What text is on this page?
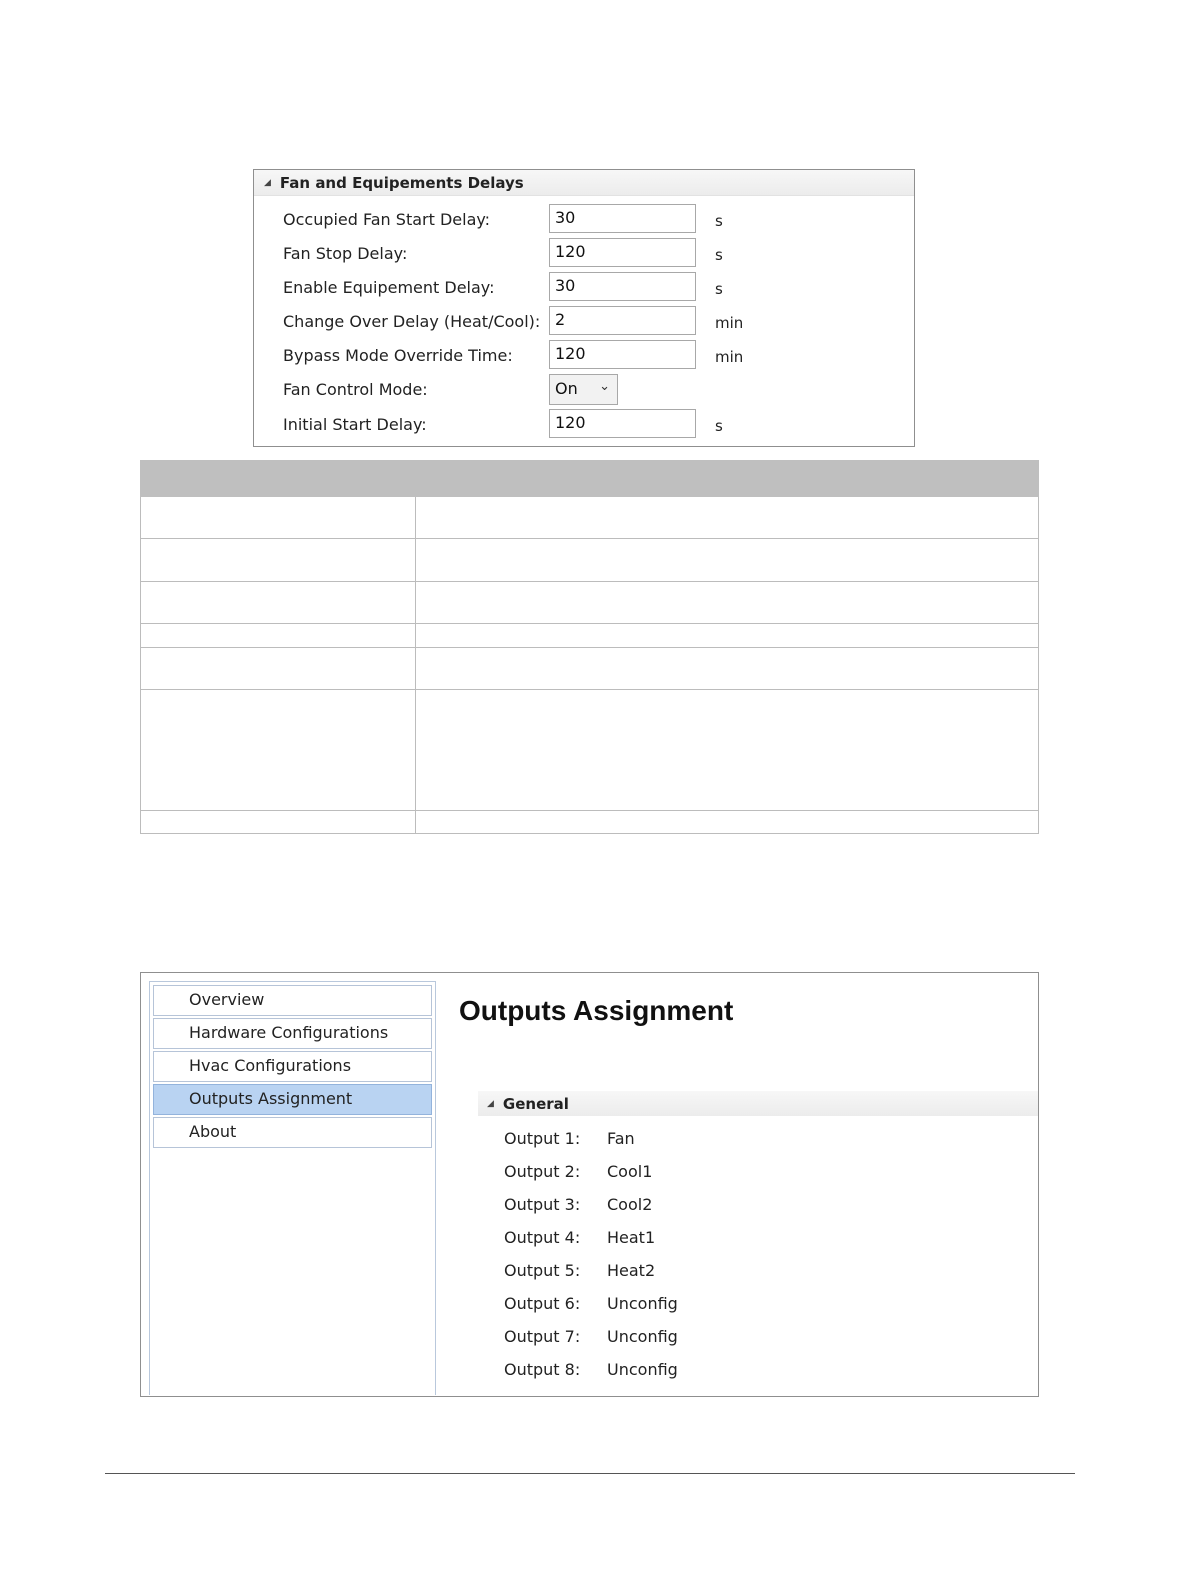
◢ Fan and Equipements Delays
Occupied Fan Start Delay:	30	s
Fan Stop Delay:	120	s
Enable Equipement Delay:	30	s
Change Over Delay (Heat/Cool): 2	min
Bypass Mode Override Time:	120	min
Fan Control Mode:	On ⌄
Initial Start Delay:	120	s

Overview
Hardware Configurations
Hvac Configurations
Outputs Assignment
About
Outputs Assignment
◢ General
Output 1: Fan
Output 2: Cool1
Output 3: Cool2
Output 4: Heat1
Output 5: Heat2
Output 6: Unconfig
Output 7: Unconfig
Output 8: Unconfig
